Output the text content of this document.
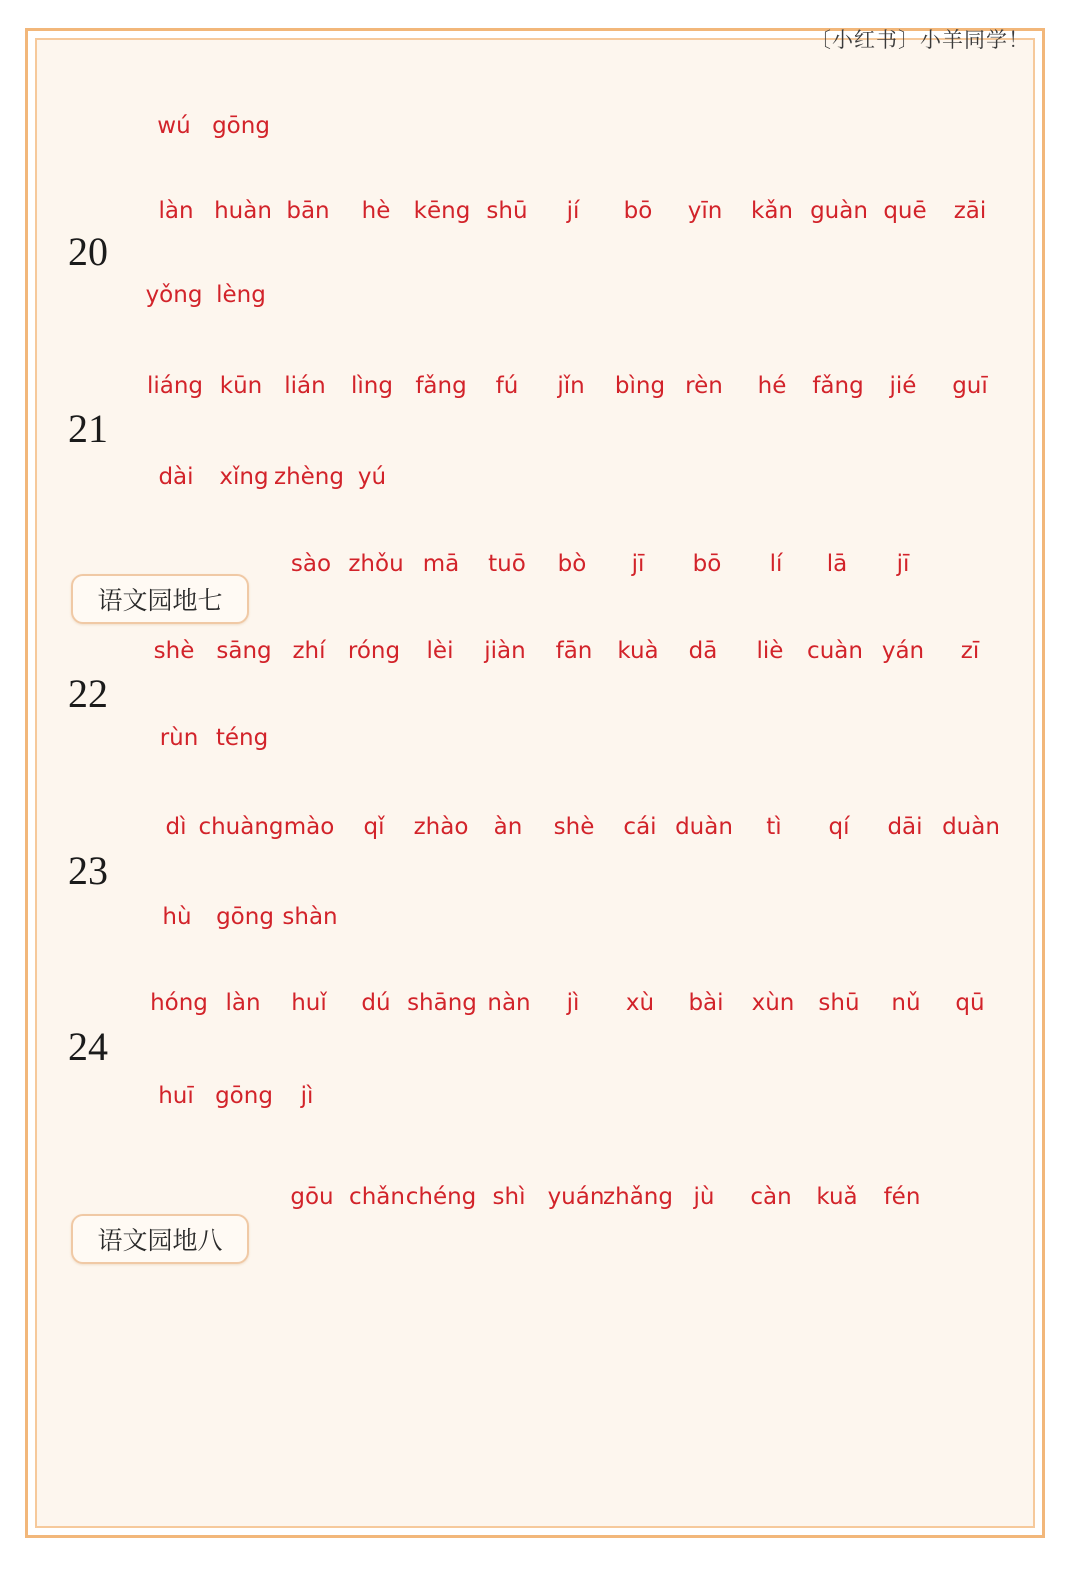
〔小红书〕小羊同学！
20
21
22
23
24
语文园地七
语文园地八
wú gōng
làn huàn bān hè kēng shū jí bō yīn kǎn guàn quē zāi
yǒng lèng
liáng kūn lián lìng fǎng fú jǐn bìng rèn hé fǎng jié guī
dài xǐng zhèng yú
sào zhǒu mā tuō bò jī bō lí lā jī
shè sāng zhí róng lèi jiàn fān kuà dā liè cuàn yán zī
rùn téng
dì chuàng mào qǐ zhào àn shè cái duàn tì qí dāi duàn
hù gōng shàn
hóng làn huǐ dú shāng nàn jì xù bài xùn shū nǔ qū
huī gōng jì
gōu chǎn chéng shì yuán
zhǎng jù càn kuǎ fén
